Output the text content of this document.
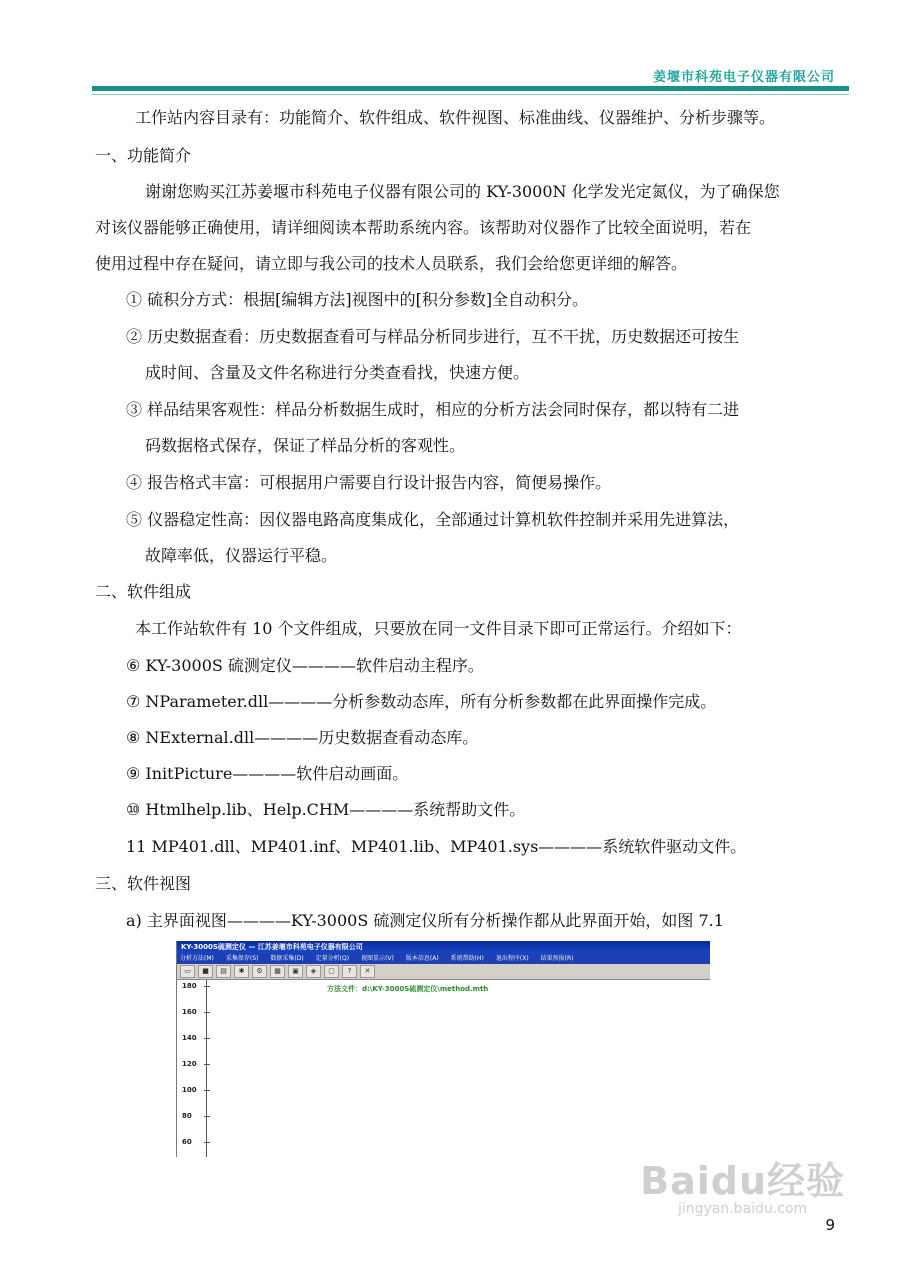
姜堰市科苑电子仪器有限公司
工作站内容目录有：功能简介、软件组成、软件视图、标准曲线、仪器维护、分析步骤等。
一、功能简介
谢谢您购买江苏姜堰市科苑电子仪器有限公司的 KY-3000N 化学发光定氮仪，为了确保您
对该仪器能够正确使用，请详细阅读本帮助系统内容。该帮助对仪器作了比较全面说明，若在
使用过程中存在疑问，请立即与我公司的技术人员联系，我们会给您更详细的解答。
① 硫积分方式：根据[编辑方法]视图中的[积分参数]全自动积分。
② 历史数据查看：历史数据查看可与样品分析同步进行，互不干扰，历史数据还可按生
成时间、含量及文件名称进行分类查看找，快速方便。
③ 样品结果客观性：样品分析数据生成时，相应的分析方法会同时保存，都以特有二进
码数据格式保存，保证了样品分析的客观性。
④ 报告格式丰富：可根据用户需要自行设计报告内容，简便易操作。
⑤ 仪器稳定性高：因仪器电路高度集成化，全部通过计算机软件控制并采用先进算法，
故障率低，仪器运行平稳。
二、软件组成
本工作站软件有 10 个文件组成，只要放在同一文件目录下即可正常运行。介绍如下：
⑥ KY-3000S 硫测定仪————软件启动主程序。
⑦ NParameter.dll————分析参数动态库，所有分析参数都在此界面操作完成。
⑧ NExternal.dll————历史数据查看动态库。
⑨ InitPicture————软件启动画面。
⑩ Htmlhelp.lib、Help.CHM————系统帮助文件。
11 MP401.dll、MP401.inf、MP401.lib、MP401.sys————系统软件驱动文件。
三、软件视图
a) 主界面视图————KY-3000S 硫测定仪所有分析操作都从此界面开始，如图 7.1
KY-3000S硫测定仪 — 江苏姜堰市科苑电子仪器有限公司
分析方法(M) 采集保存(S) 数据采集(D) 定量分析(Q) 视图显示(V) 版本信息(A) 系统帮助(H) 退出程序(X) 结果预报(R)
▭	■	▤	✱	⚙	▦	▣	◈	▢	?	✕
方法文件：d:\KY-3000S硫测定仪\method.mth
180
160
140
120
100
80
60
Baidu经验
jingyan.baidu.com
9
